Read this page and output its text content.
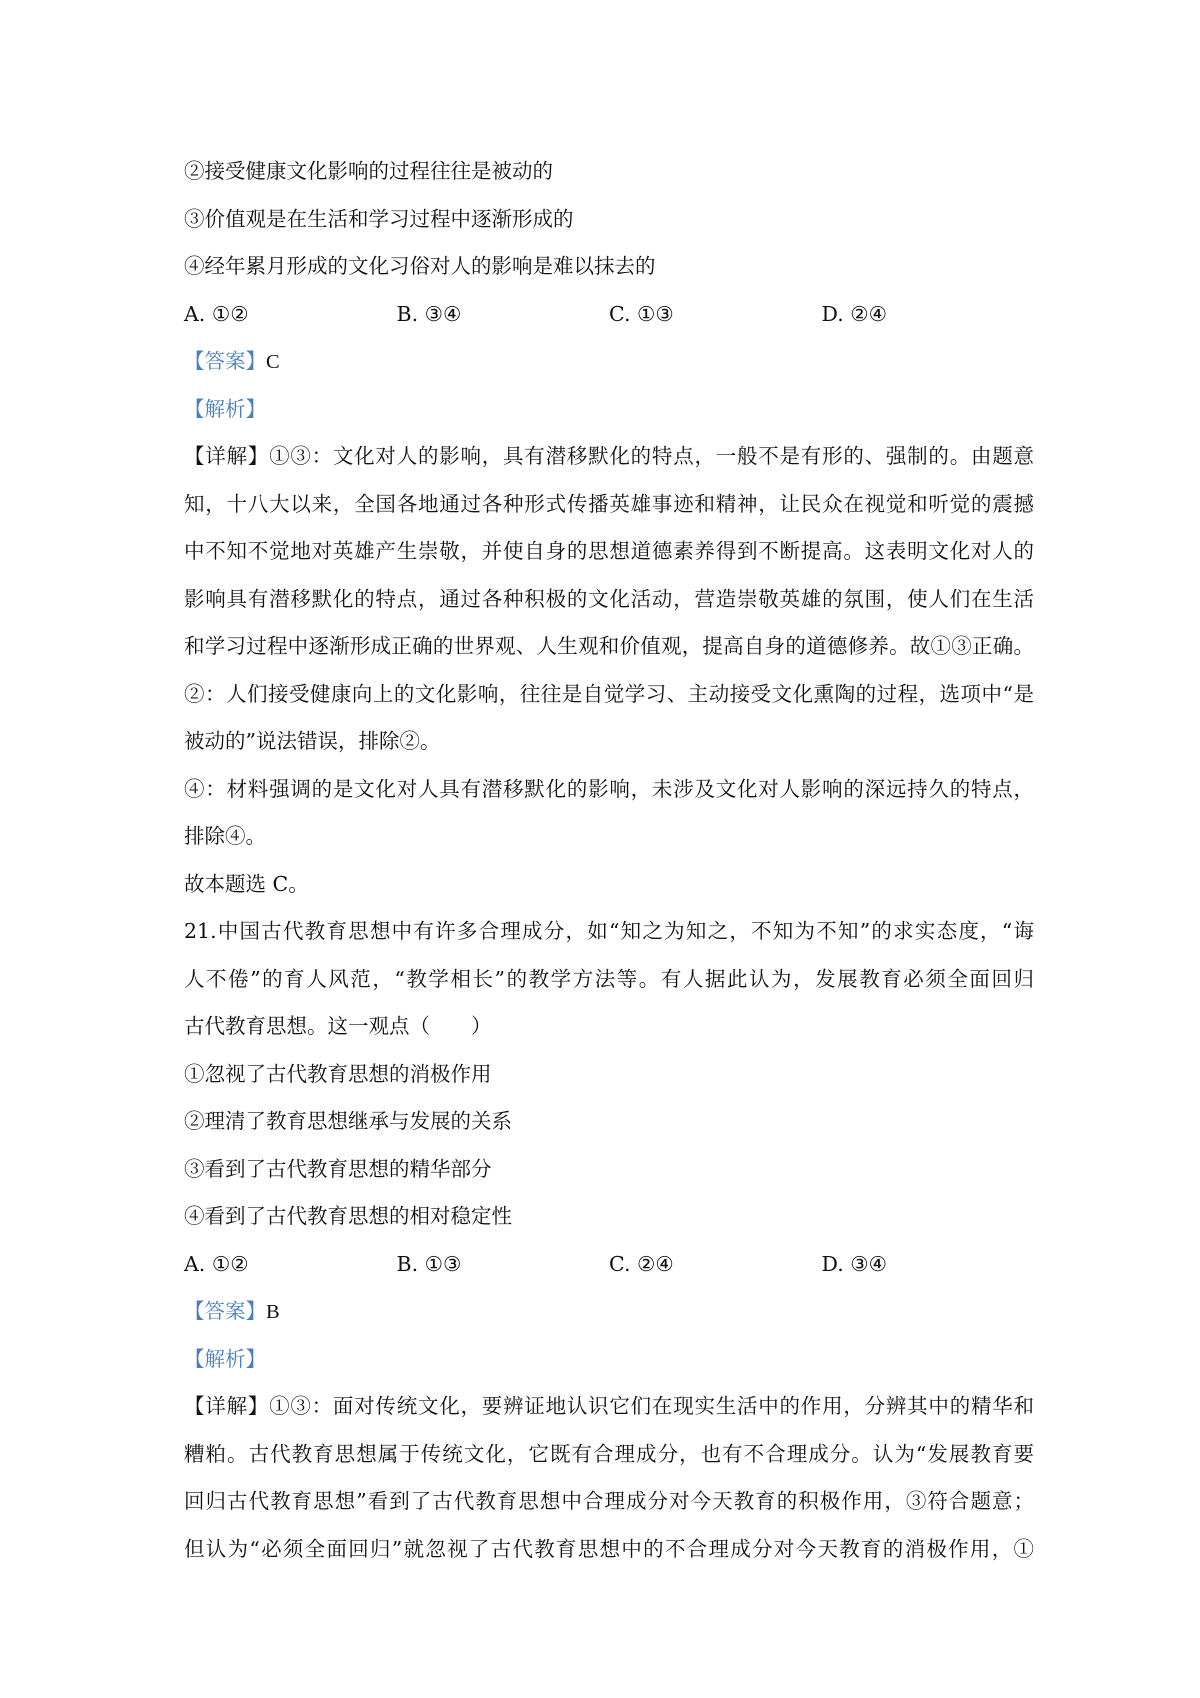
②接受健康文化影响的过程往往是被动的
③价值观是在生活和学习过程中逐渐形成的
④经年累月形成的文化习俗对人的影响是难以抹去的
A. ①②	B. ③④	C. ①③	D. ②④
【答案】C
【解析】
【详解】①③：文化对人的影响，具有潜移默化的特点，一般不是有形的、强制的。由题意
知，十八大以来，全国各地通过各种形式传播英雄事迹和精神，让民众在视觉和听觉的震撼
中不知不觉地对英雄产生崇敬，并使自身的思想道德素养得到不断提高。这表明文化对人的
影响具有潜移默化的特点，通过各种积极的文化活动，营造崇敬英雄的氛围，使人们在生活
和学习过程中逐渐形成正确的世界观、人生观和价值观，提高自身的道德修养。故①③正确。
②：人们接受健康向上的文化影响，往往是自觉学习、主动接受文化熏陶的过程，选项中“是
被动的”说法错误，排除②。
④：材料强调的是文化对人具有潜移默化的影响，未涉及文化对人影响的深远持久的特点，
排除④。
故本题选 C。
21.中国古代教育思想中有许多合理成分，如“知之为知之，不知为不知”的求实态度，“诲
人不倦”的育人风范，“教学相长”的教学方法等。有人据此认为，发展教育必须全面回归
古代教育思想。这一观点（　　）
①忽视了古代教育思想的消极作用
②理清了教育思想继承与发展的关系
③看到了古代教育思想的精华部分
④看到了古代教育思想的相对稳定性
A. ①②	B. ①③	C. ②④	D. ③④
【答案】B
【解析】
【详解】①③：面对传统文化，要辨证地认识它们在现实生活中的作用，分辨其中的精华和
糟粕。古代教育思想属于传统文化，它既有合理成分，也有不合理成分。认为“发展教育要
回归古代教育思想”看到了古代教育思想中合理成分对今天教育的积极作用，③符合题意；
但认为“必须全面回归”就忽视了古代教育思想中的不合理成分对今天教育的消极作用，①
